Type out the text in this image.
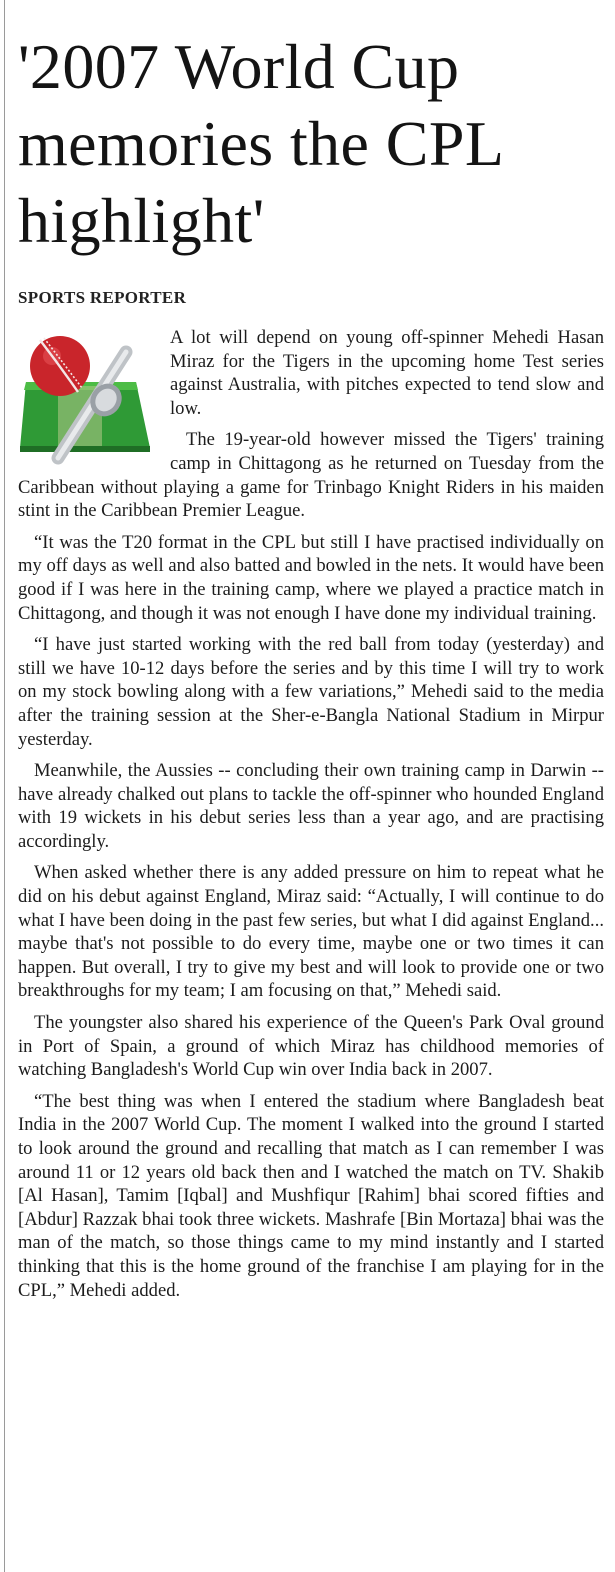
'2007 World Cup memories the CPL highlight'
SPORTS REPORTER

A lot will depend on young off-spinner Mehedi Hasan Miraz for the Tigers in the upcoming home Test series against Australia, with pitches expected to tend slow and low.

The 19-year-old however missed the Tigers' training camp in Chittagong as he returned on Tuesday from the Caribbean without playing a game for Trinbago Knight Riders in his maiden stint in the Caribbean Premier League.

“It was the T20 format in the CPL but still I have practised individually on my off days as well and also batted and bowled in the nets. It would have been good if I was here in the training camp, where we played a practice match in Chittagong, and though it was not enough I have done my individual training.

“I have just started working with the red ball from today (yesterday) and still we have 10-12 days before the series and by this time I will try to work on my stock bowling along with a few variations,” Mehedi said to the media after the training session at the Sher-e-Bangla National Stadium in Mirpur yesterday.

Meanwhile, the Aussies -- concluding their own training camp in Darwin -- have already chalked out plans to tackle the off-spinner who hounded England with 19 wickets in his debut series less than a year ago, and are practising accordingly.

When asked whether there is any added pressure on him to repeat what he did on his debut against England, Miraz said: “Actually, I will continue to do what I have been doing in the past few series, but what I did against England... maybe that's not possible to do every time, maybe one or two times it can happen. But overall, I try to give my best and will look to provide one or two breakthroughs for my team; I am focusing on that,” Mehedi said.

The youngster also shared his experience of the Queen's Park Oval ground in Port of Spain, a ground of which Miraz has childhood memories of watching Bangladesh's World Cup win over India back in 2007.

“The best thing was when I entered the stadium where Bangladesh beat India in the 2007 World Cup. The moment I walked into the ground I started to look around the ground and recalling that match as I can remember I was around 11 or 12 years old back then and I watched the match on TV. Shakib [Al Hasan], Tamim [Iqbal] and Mushfiqur [Rahim] bhai scored fifties and [Abdur] Razzak bhai took three wickets. Mashrafe [Bin Mortaza] bhai was the man of the match, so those things came to my mind instantly and I started thinking that this is the home ground of the franchise I am playing for in the CPL,” Mehedi added.
